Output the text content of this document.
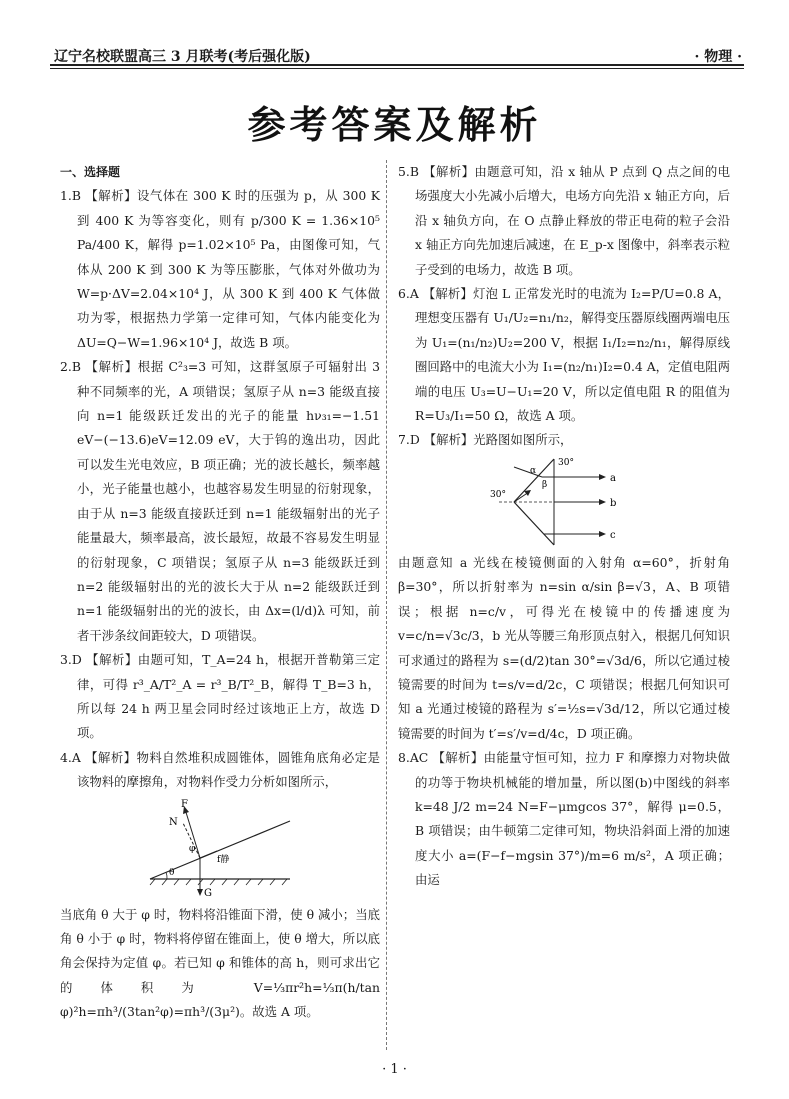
辽宁名校联盟高三 3 月联考(考后强化版)	· 物理 ·
参考答案及解析
一、选择题
1.B 【解析】设气体在 300 K 时的压强为 p，从 300 K 到 400 K 为等容变化，则有 p/300 K = 1.36×10⁵ Pa/400 K，解得 p=1.02×10⁵ Pa，由图像可知，气体从 200 K 到 300 K 为等压膨胀，气体对外做功为 W=p·ΔV=2.04×10⁴ J，从 300 K 到 400 K 气体做功为零，根据热力学第一定律可知，气体内能变化为 ΔU=Q−W=1.96×10⁴ J，故选 B 项。
2.B 【解析】根据 C²₃=3 可知，这群氢原子可辐射出 3 种不同频率的光，A 项错误；氢原子从 n=3 能级直接向 n=1 能级跃迁发出的光子的能量 hν₃₁=−1.51 eV−(−13.6)eV=12.09 eV，大于钨的逸出功，因此可以发生光电效应，B 项正确；光的波长越长，频率越小，光子能量也越小，也越容易发生明显的衍射现象，由于从 n=3 能级直接跃迁到 n=1 能级辐射出的光子能量最大，频率最高，波长最短，故最不容易发生明显的衍射现象，C 项错误；氢原子从 n=3 能级跃迁到 n=2 能级辐射出的光的波长大于从 n=2 能级跃迁到 n=1 能级辐射出的光的波长，由 Δx=(l/d)λ 可知，前者干涉条纹间距较大，D 项错误。
3.D 【解析】由题可知，T_A=24 h，根据开普勒第三定律，可得 r³_A/T²_A = r³_B/T²_B，解得 T_B=3 h，所以每 24 h 两卫星会同时经过该地正上方，故选 D 项。
4.A 【解析】物料自然堆积成圆锥体，圆锥角底角必定是该物料的摩擦角，对物料作受力分析如图所示，
F
N
G
f静
φ
θ
当底角 θ 大于 φ 时，物料将沿锥面下滑，使 θ 减小；当底角 θ 小于 φ 时，物料将停留在锥面上，使 θ 增大，所以底角会保持为定值 φ。若已知 φ 和锥体的高 h，则可求出它的体积为 V=⅓πr²h=⅓π(h/tan φ)²h=πh³/(3tan²φ)=πh³/(3μ²)。故选 A 项。
5.B 【解析】由题意可知，沿 x 轴从 P 点到 Q 点之间的电场强度大小先减小后增大，电场方向先沿 x 轴正方向，后沿 x 轴负方向，在 O 点静止释放的带正电荷的粒子会沿 x 轴正方向先加速后减速，在 E_p-x 图像中，斜率表示粒子受到的电场力，故选 B 项。
6.A 【解析】灯泡 L 正常发光时的电流为 I₂=P/U=0.8 A，理想变压器有 U₁/U₂=n₁/n₂，解得变压器原线圈两端电压为 U₁=(n₁/n₂)U₂=200 V，根据 I₁/I₂=n₂/n₁，解得原线圈回路中的电流大小为 I₁=(n₂/n₁)I₂=0.4 A，定值电阻两端的电压 U₃=U−U₁=20 V，所以定值电阻 R 的阻值为 R=U₃/I₁=50 Ω，故选 A 项。
7.D 【解析】光路图如图所示，
30°
30°
a
b
c
α
β
由题意知 a 光线在棱镜侧面的入射角 α=60°，折射角 β=30°，所以折射率为 n=sin α/sin β=√3，A、B 项错误；根据 n=c/v，可得光在棱镜中的传播速度为 v=c/n=√3c/3，b 光从等腰三角形顶点射入，根据几何知识可求通过的路程为 s=(d/2)tan 30°=√3d/6，所以它通过棱镜需要的时间为 t=s/v=d/2c，C 项错误；根据几何知识可知 a 光通过棱镜的路程为 s′=½s=√3d/12，所以它通过棱镜需要的时间为 t′=s′/v=d/4c，D 项正确。
8.AC 【解析】由能量守恒可知，拉力 F 和摩擦力对物块做的功等于物块机械能的增加量，所以图(b)中图线的斜率 k=48 J/2 m=24 N=F−μmgcos 37°，解得 μ=0.5，B 项错误；由牛顿第二定律可知，物块沿斜面上滑的加速度大小 a=(F−f−mgsin 37°)/m=6 m/s²，A 项正确；由运
· 1 ·
